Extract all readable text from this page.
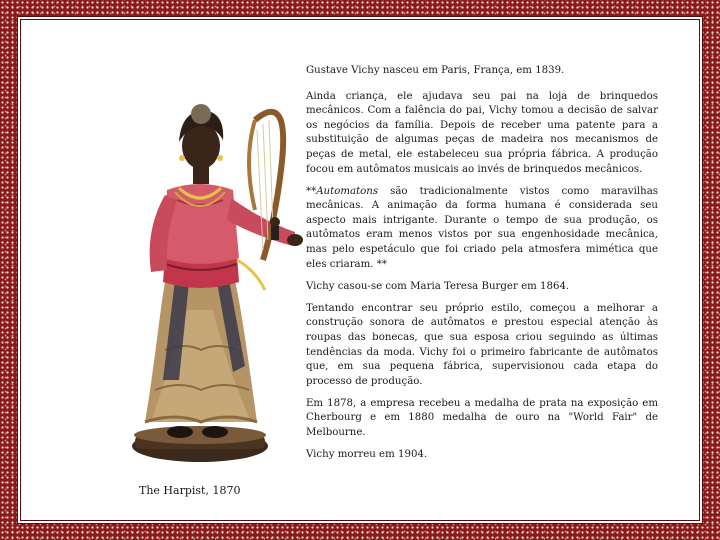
The Harpist, 1870

Gustave Vichy nasceu em Paris, França, em 1839.

Ainda criança, ele ajudava seu pai na loja de brinquedos mecânicos. Com a falência do pai, Vichy tomou a decisão de salvar os negócios da família. Depois de receber uma patente para a substituição de algumas peças de madeira nos mecanismos de peças de metal, ele estabeleceu sua própria fábrica. A produção focou em autômatos musicais ao invés de brinquedos mecânicos.

**Automatons são tradicionalmente vistos como maravilhas mecânicas. A animação da forma humana é considerada seu aspecto mais intrigante. Durante o tempo de sua produção, os autômatos eram menos vistos por sua engenhosidade mecânica, mas pelo espetáculo que foi criado pela atmosfera mimética que eles criaram. **

Vichy casou-se com Maria Teresa Burger em 1864.

Tentando encontrar seu próprio estilo, começou a melhorar a construção sonora de autômatos e prestou especial atenção às roupas das bonecas, que sua esposa criou seguindo as últimas tendências da moda. Vichy foi o primeiro fabricante de autômatos que, em sua pequena fábrica, supervisionou cada etapa do processo de produção.

Em 1878, a empresa recebeu a medalha de prata na exposição em Cherbourg e em 1880 medalha de ouro na "World Fair" de Melbourne.

Vichy morreu em 1904.
